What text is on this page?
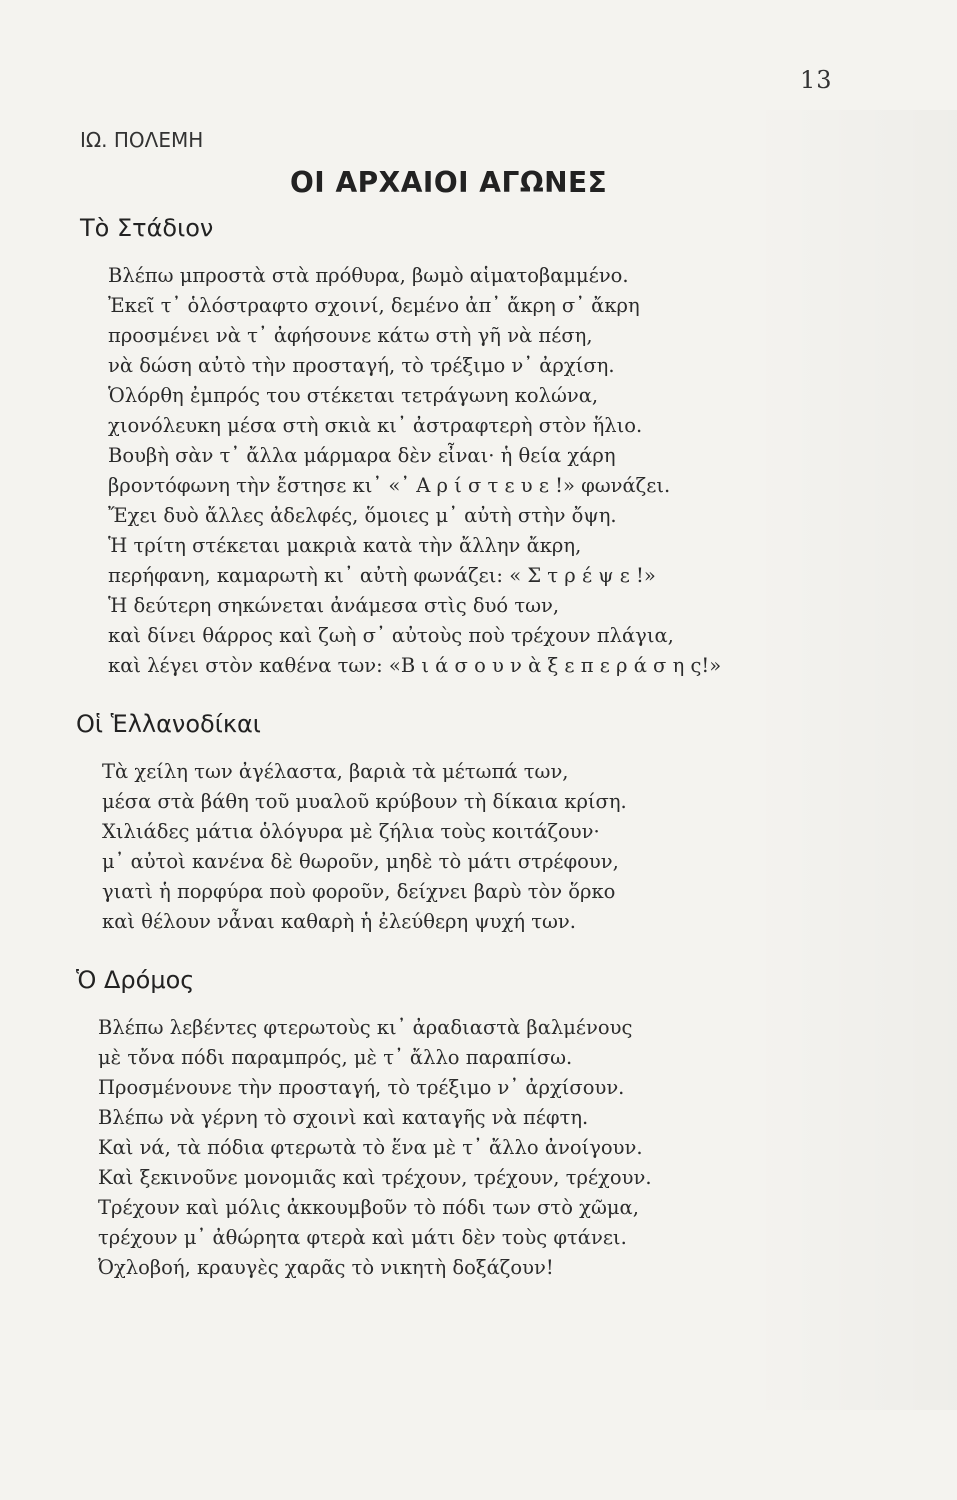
13
ΙΩ. ΠΟΛΕΜΗ
ΟΙ ΑΡΧΑΙΟΙ ΑΓΩΝΕΣ
Τὸ Στάδιον
Βλέπω μπροστὰ στὰ πρόθυρα, βωμὸ αἱματοβαμμένο.
Ἐκεῖ τ᾽ ὁλόστραφτο σχοινί, δεμένο ἀπ᾽ ἄκρη σ᾽ ἄκρη
προσμένει νὰ τ᾽ ἀφήσουνε κάτω στὴ γῆ νὰ πέση,
νὰ δώση αὐτὸ τὴν προσταγή, τὸ τρέξιμο ν᾽ ἀρχίση.
Ὁλόρθη ἐμπρός του στέκεται τετράγωνη κολώνα,
χιονόλευκη μέσα στὴ σκιὰ κι᾽ ἀστραφτερὴ στὸν ἥλιο.
Βουβὴ σὰν τ᾽ ἄλλα μάρμαρα δὲν εἶναι· ἡ θεία χάρη
βροντόφωνη τὴν ἔστησε κι᾽ «᾽ Α ρ ί σ τ ε υ ε !» φωνάζει.
Ἔχει δυὸ ἄλλες ἀδελφές, ὅμοιες μ᾽ αὐτὴ στὴν ὄψη.
Ἡ τρίτη στέκεται μακριὰ κατὰ τὴν ἄλλην ἄκρη,
περήφανη, καμαρωτὴ κι᾽ αὐτὴ φωνάζει: « Σ τ ρ έ ψ ε !»
Ἡ δεύτερη σηκώνεται ἀνάμεσα στὶς δυό των,
καὶ δίνει θάρρος καὶ ζωὴ σ᾽ αὐτοὺς ποὺ τρέχουν πλάγια,
καὶ λέγει στὸν καθένα των: «Β ι ά σ ο υ ν ὰ ξ ε π ε ρ ά σ η ς!»
Οἱ Ἑλλανοδίκαι
Τὰ χείλη των ἀγέλαστα, βαριὰ τὰ μέτωπά των,
μέσα στὰ βάθη τοῦ μυαλοῦ κρύβουν τὴ δίκαια κρίση.
Χιλιάδες μάτια ὁλόγυρα μὲ ζήλια τοὺς κοιτάζουν·
μ᾽ αὐτοὶ κανένα δὲ θωροῦν, μηδὲ τὸ μάτι στρέφουν,
γιατὶ ἡ πορφύρα ποὺ φοροῦν, δείχνει βαρὺ τὸν ὅρκο
καὶ θέλουν νἆναι καθαρὴ ἡ ἐλεύθερη ψυχή των.
Ὁ Δρόμος
Βλέπω λεβέντες φτερωτοὺς κι᾽ ἀραδιαστὰ βαλμένους
μὲ τὄνα πόδι παραμπρός, μὲ τ᾽ ἄλλο παραπίσω.
Προσμένουνε τὴν προσταγή, τὸ τρέξιμο ν᾽ ἀρχίσουν.
Βλέπω νὰ γέρνη τὸ σχοινὶ καὶ καταγῆς νὰ πέφτη.
Καὶ νά, τὰ πόδια φτερωτὰ τὸ ἕνα μὲ τ᾽ ἄλλο ἀνοίγουν.
Καὶ ξεκινοῦνε μονομιᾶς καὶ τρέχουν, τρέχουν, τρέχουν.
Τρέχουν καὶ μόλις ἀκκουμβοῦν τὸ πόδι των στὸ χῶμα,
τρέχουν μ᾽ ἀθώρητα φτερὰ καὶ μάτι δὲν τοὺς φτάνει.
Ὀχλοβοή, κραυγὲς χαρᾶς τὸ νικητὴ δοξάζουν!
